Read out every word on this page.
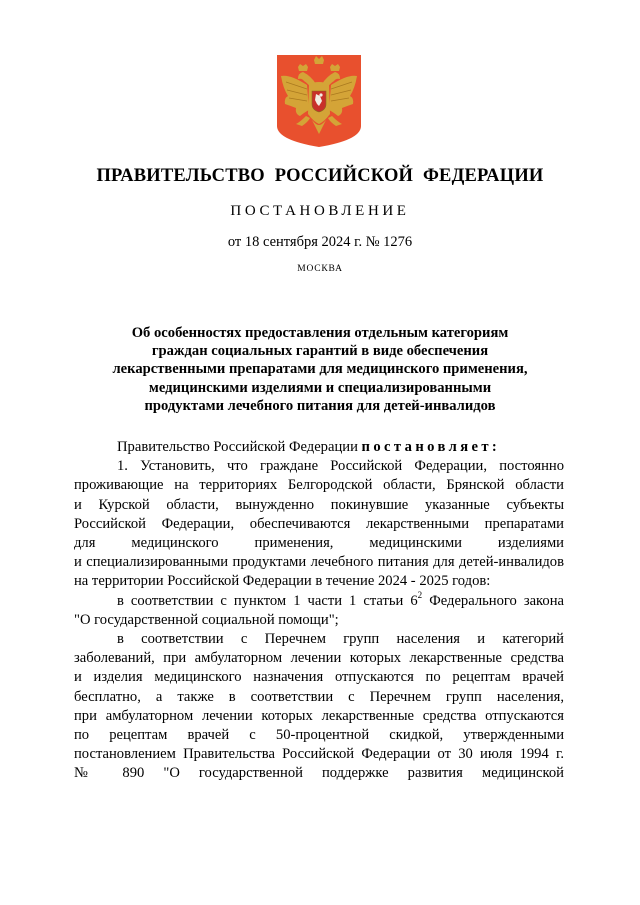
ПРАВИТЕЛЬСТВО РОССИЙСКОЙ ФЕДЕРАЦИИ
ПОСТАНОВЛЕНИЕ
от 18 сентября 2024 г. № 1276
МОСКВА
Об особенностях предоставления отдельным категориям
граждан социальных гарантий в виде обеспечения
лекарственными препаратами для медицинского применения,
медицинскими изделиями и специализированными
продуктами лечебного питания для детей-инвалидов
Правительство Российской Федерации постановляет:
1. Установить, что граждане Российской Федерации, постоянно
проживающие на территориях Белгородской области, Брянской области
и Курской области, вынужденно покинувшие указанные субъекты
Российской Федерации, обеспечиваются лекарственными препаратами
для медицинского применения, медицинскими изделиями
и специализированными продуктами лечебного питания для детей-инвалидов
на территории Российской Федерации в течение 2024 - 2025 годов:
в соответствии с пунктом 1 части 1 статьи $6^2$ Федерального закона
"О государственной социальной помощи";
в соответствии с Перечнем групп населения и категорий
заболеваний, при амбулаторном лечении которых лекарственные средства
и изделия медицинского назначения отпускаются по рецептам врачей
бесплатно, а также в соответствии с Перечнем групп населения,
при амбулаторном лечении которых лекарственные средства отпускаются
по рецептам врачей с 50-процентной скидкой, утвержденными
постановлением Правительства Российской Федерации от 30 июля 1994 г.
№ 890 "О государственной поддержке развития медицинской
